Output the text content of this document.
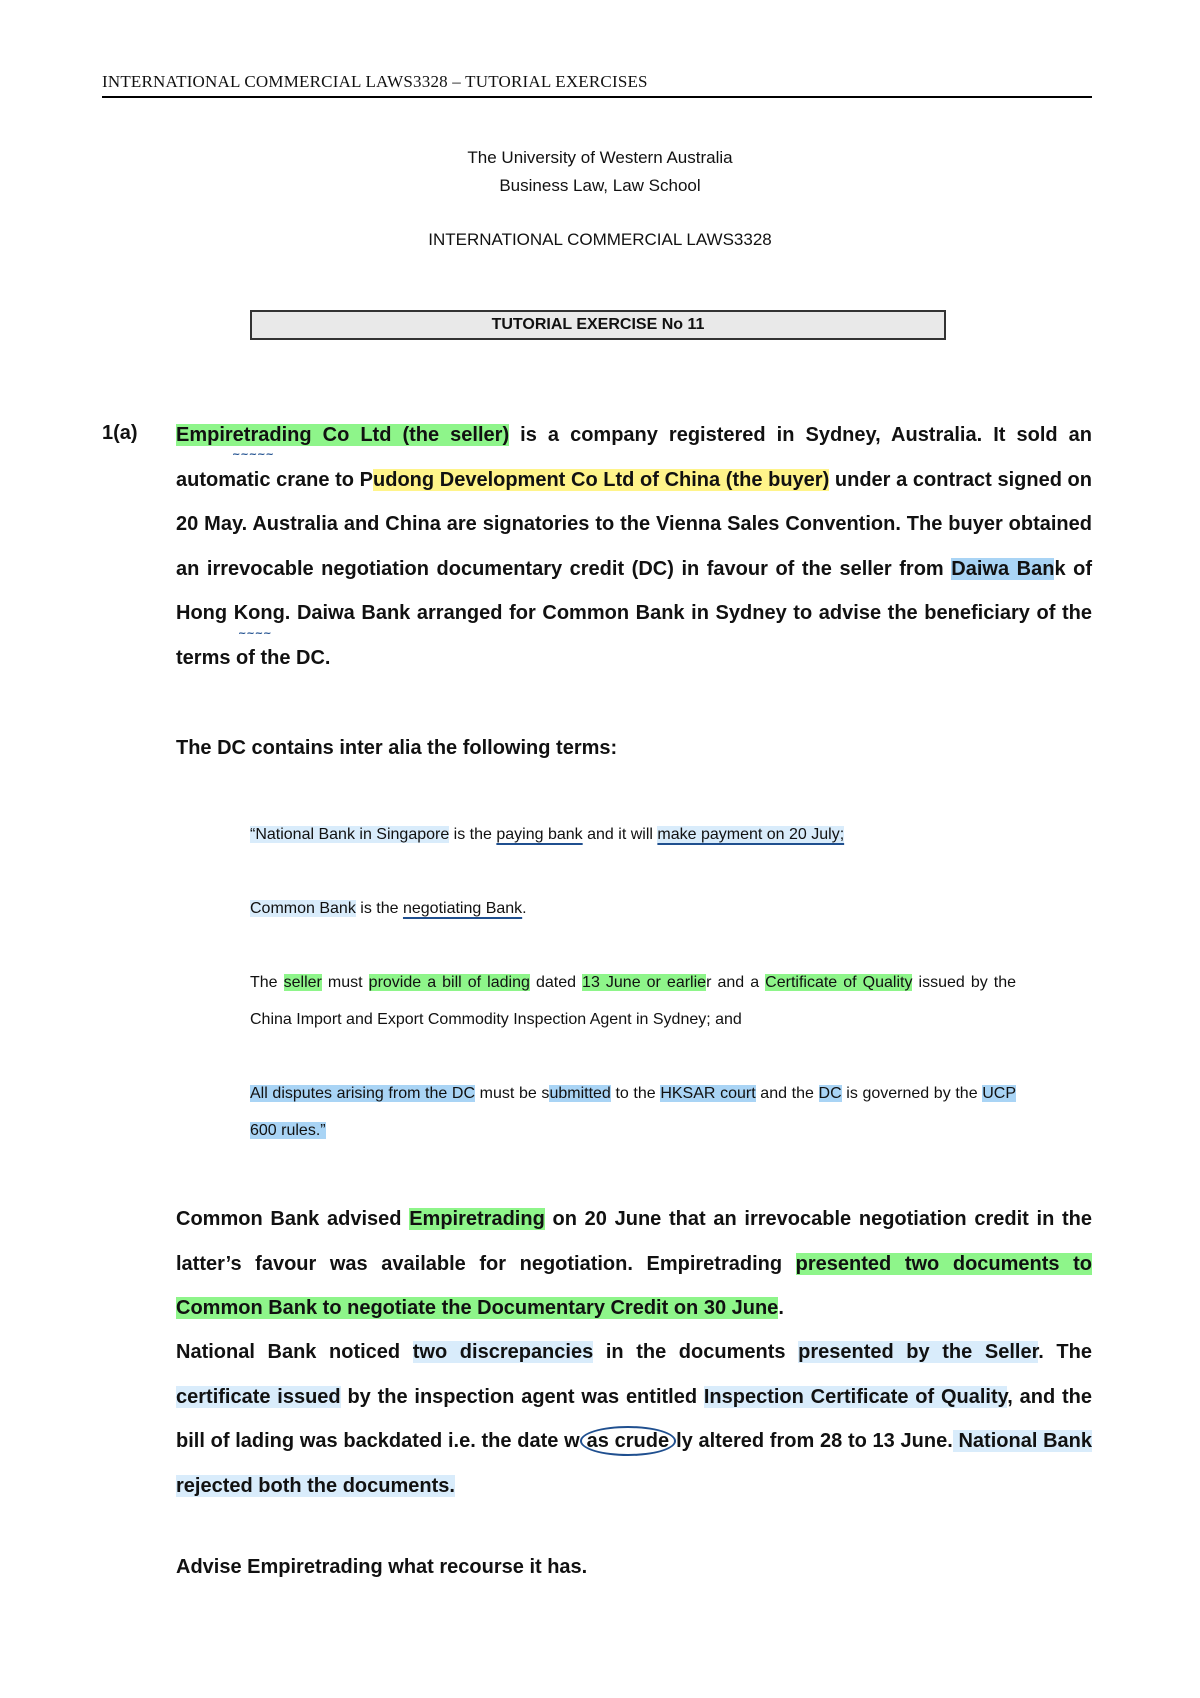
INTERNATIONAL COMMERCIAL LAWS3328 – TUTORIAL EXERCISES
The University of Western Australia
Business Law, Law School
INTERNATIONAL COMMERCIAL LAWS3328
TUTORIAL EXERCISE No 11
1(a) Empiretrading Co Ltd (the seller) is a company registered in Sydney, Australia. It sold an automatic crane to Pudong Development Co Ltd of China (the buyer) under a contract signed on 20 May. Australia and China are signatories to the Vienna Sales Convention. The buyer obtained an irrevocable negotiation documentary credit (DC) in favour of the seller from Daiwa Bank of Hong Kong. Daiwa Bank arranged for Common Bank in Sydney to advise the beneficiary of the terms of the DC.

~~~~~
~~~~
The DC contains inter alia the following terms:

“National Bank in Singapore is the paying bank and it will make payment on 20 July;

Common Bank is the negotiating Bank.

The seller must provide a bill of lading dated 13 June or earlier and a Certificate of Quality issued by the China Import and Export Commodity Inspection Agent in Sydney; and

All disputes arising from the DC must be submitted to the HKSAR court and the DC is governed by the UCP 600 rules.”

Common Bank advised Empiretrading on 20 June that an irrevocable negotiation credit in the latter’s favour was available for negotiation. Empiretrading presented two documents to Common Bank to negotiate the Documentary Credit on 30 June.

National Bank noticed two discrepancies in the documents presented by the Seller. The certificate issued by the inspection agent was entitled Inspection Certificate of Quality, and the bill of lading was backdated i.e. the date w as crude ly altered from 28 to 13 June. National Bank rejected both the documents.

Advise Empiretrading what recourse it has.
